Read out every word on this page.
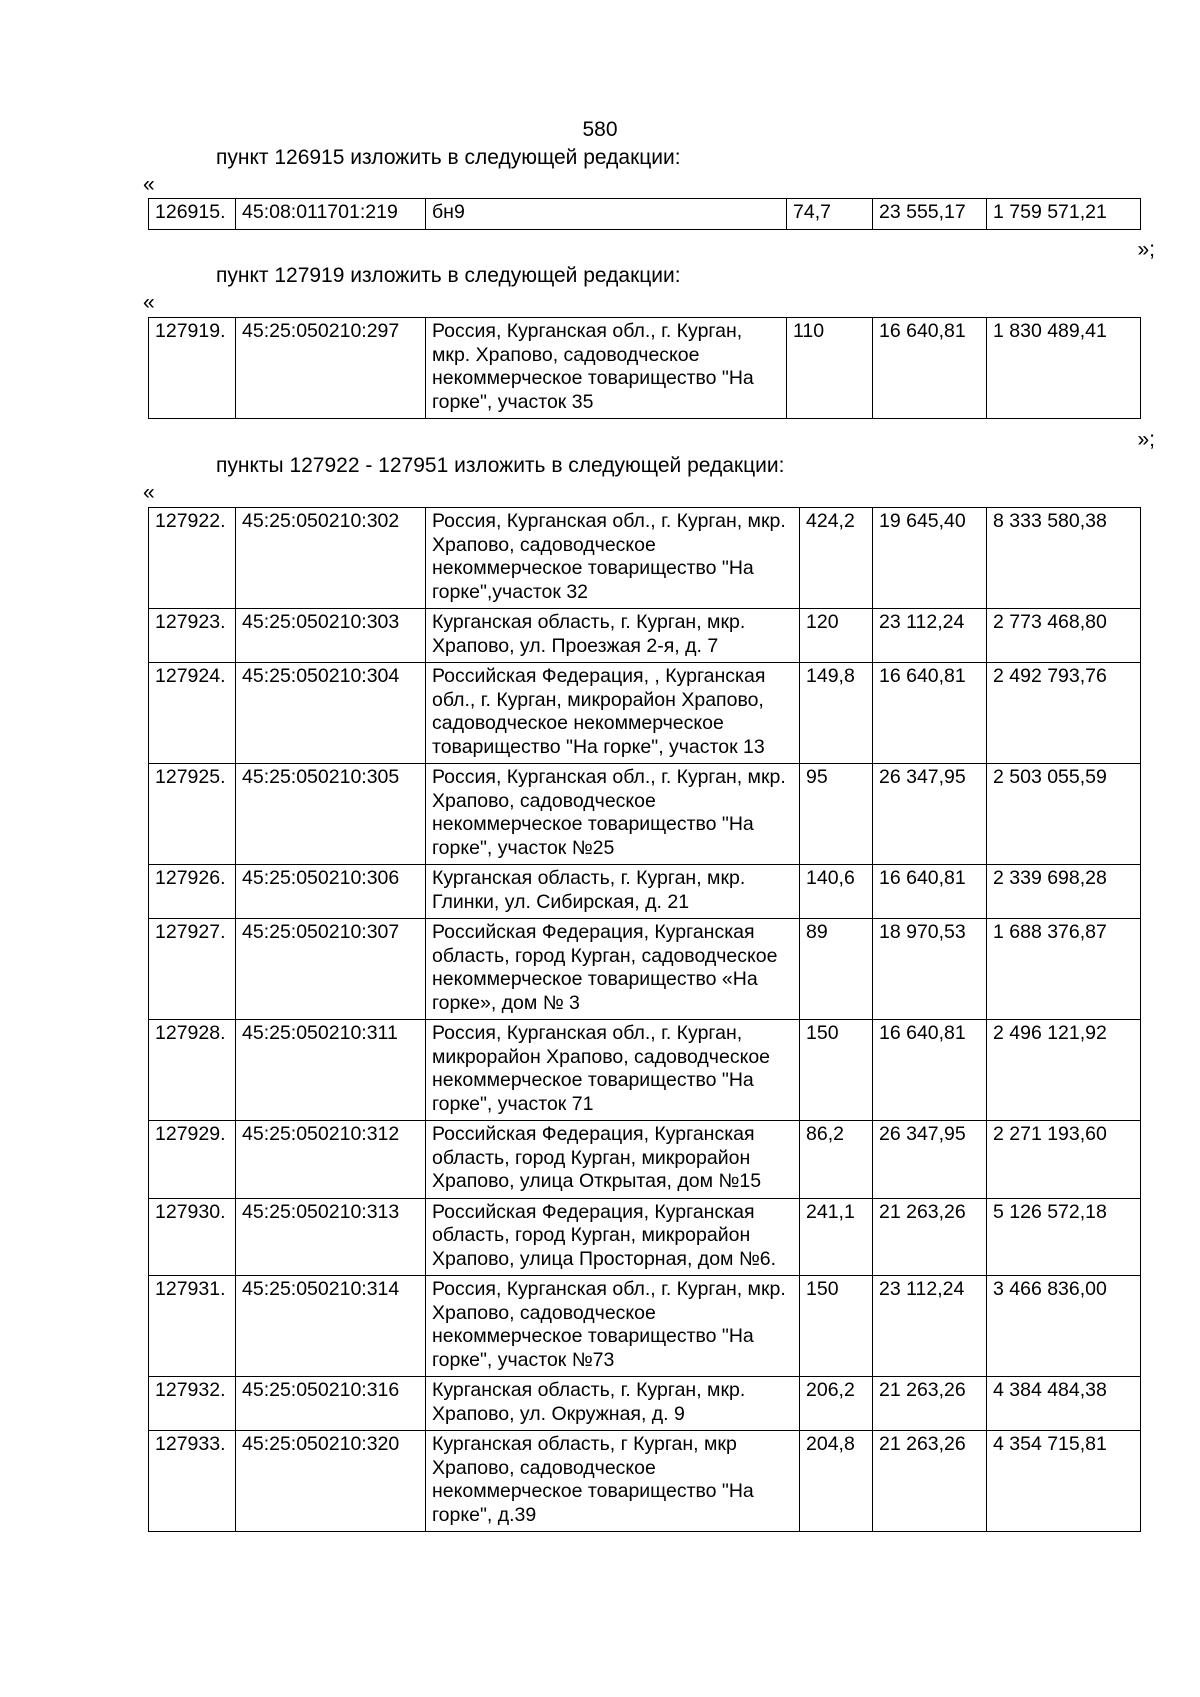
580
пункт 126915 изложить в следующей редакции:
«
126915.	45:08:011701:219	бн9	74,7	23 555,17	1 759 571,21
»;
пункт 127919 изложить в следующей редакции:
«
127919.	45:25:050210:297	Россия, Курганская обл., г. Курган, мкр. Храпово, садоводческое некоммерческое товарищество "На горке", участок 35	110	16 640,81	1 830 489,41
»;
пункты 127922 - 127951 изложить в следующей редакции:
«
127922.	45:25:050210:302	Россия, Курганская обл., г. Курган, мкр. Храпово, садоводческое некоммерческое товарищество "На горке",участок 32	424,2	19 645,40	8 333 580,38
127923.	45:25:050210:303	Курганская область, г. Курган, мкр. Храпово, ул. Проезжая 2-я, д. 7	120	23 112,24	2 773 468,80
127924.	45:25:050210:304	Российская Федерация, , Курганская обл., г. Курган, микрорайон Храпово, садоводческое некоммерческое товарищество "На горке", участок 13	149,8	16 640,81	2 492 793,76
127925.	45:25:050210:305	Россия, Курганская обл., г. Курган, мкр. Храпово, садоводческое некоммерческое товарищество "На горке", участок №25	95	26 347,95	2 503 055,59
127926.	45:25:050210:306	Курганская область, г. Курган, мкр. Глинки, ул. Сибирская, д. 21	140,6	16 640,81	2 339 698,28
127927.	45:25:050210:307	Российская Федерация, Курганская область, город Курган, садоводческое некоммерческое товарищество «На горке», дом № 3	89	18 970,53	1 688 376,87
127928.	45:25:050210:311	Россия, Курганская обл., г. Курган, микрорайон Храпово, садоводческое некоммерческое товарищество "На горке", участок 71	150	16 640,81	2 496 121,92
127929.	45:25:050210:312	Российская Федерация, Курганская область, город Курган, микрорайон Храпово, улица Открытая, дом №15	86,2	26 347,95	2 271 193,60
127930.	45:25:050210:313	Российская Федерация, Курганская область, город Курган, микрорайон Храпово, улица Просторная, дом №6.	241,1	21 263,26	5 126 572,18
127931.	45:25:050210:314	Россия, Курганская обл., г. Курган, мкр. Храпово, садоводческое некоммерческое товарищество "На горке", участок №73	150	23 112,24	3 466 836,00
127932.	45:25:050210:316	Курганская область, г. Курган, мкр. Храпово, ул. Окружная, д. 9	206,2	21 263,26	4 384 484,38
127933.	45:25:050210:320	Курганская область, г Курган, мкр Храпово, садоводческое некоммерческое товарищество "На горке", д.39	204,8	21 263,26	4 354 715,81
